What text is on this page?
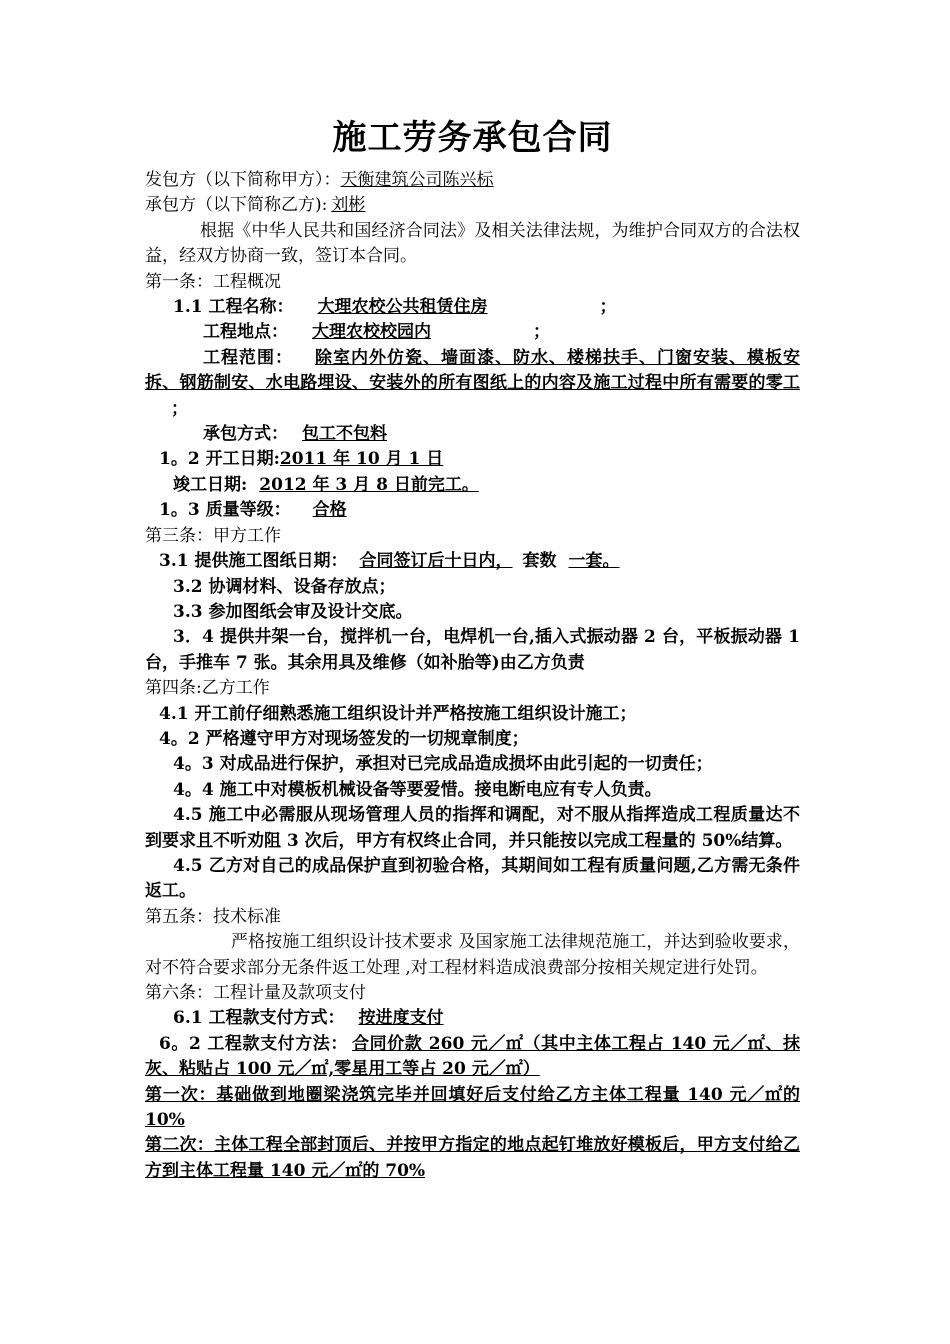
施工劳务承包合同
发包方（以下简称甲方）：天衡建筑公司陈兴标
承包方（以下简称乙方): 刘彬
根据《中华人民共和国经济合同法》及相关法律法规，为维护合同双方的合法权益，经双方协商一致，签订本合同。
第一条：工程概况
1.1 工程名称： 大理农校公共租赁住房	；
工程地点： 大理农校校园内	；
工程范围： 除室内外仿瓷、墙面漆、防水、楼梯扶手、门窗安装、模板安拆、钢筋制安、水电路埋设、安装外的所有图纸上的内容及施工过程中所有需要的零工；
承包方式： 包工不包料
1。2 开工日期:2011 年 10 月 1 日
竣工日期: 2012 年 3 月 8 日前完工。
1。3 质量等级： 合格
第三条：甲方工作
3.1 提供施工图纸日期： 合同签订后十日内， 套数 一套。
3.2 协调材料、设备存放点；
3.3 参加图纸会审及设计交底。
3．4 提供井架一台，搅拌机一台，电焊机一台,插入式振动器 2 台，平板振动器 1 台，手推车 7 张。其余用具及维修（如补胎等)由乙方负责
第四条:乙方工作
4.1 开工前仔细熟悉施工组织设计并严格按施工组织设计施工；
4。2 严格遵守甲方对现场签发的一切规章制度；
4。3 对成品进行保护，承担对已完成品造成损坏由此引起的一切责任；
4。4 施工中对模板机械设备等要爱惜。接电断电应有专人负责。
4.5 施工中必需服从现场管理人员的指挥和调配，对不服从指挥造成工程质量达不到要求且不听劝阻 3 次后，甲方有权终止合同，并只能按以完成工程量的 50%结算。
4.5 乙方对自己的成品保护直到初验合格，其期间如工程有质量问题,乙方需无条件返工。
第五条：技术标准
严格按施工组织设计技术要求 及国家施工法律规范施工，并达到验收要求，对不符合要求部分无条件返工处理 ,对工程材料造成浪费部分按相关规定进行处罚。
第六条：工程计量及款项支付
6.1 工程款支付方式： 按进度支付
6。2 工程款支付方法： 合同价款 260 元／㎡（其中主体工程占 140 元／㎡、抹灰、粘贴占 100 元／㎡,零星用工等占 20 元／㎡）
第一次：基础做到地圈梁浇筑完毕并回填好后支付给乙方主体工程量 140 元／㎡的 10%
第二次：主体工程全部封顶后、并按甲方指定的地点起钉堆放好模板后，甲方支付给乙方到主体工程量 140 元／㎡的 70%
